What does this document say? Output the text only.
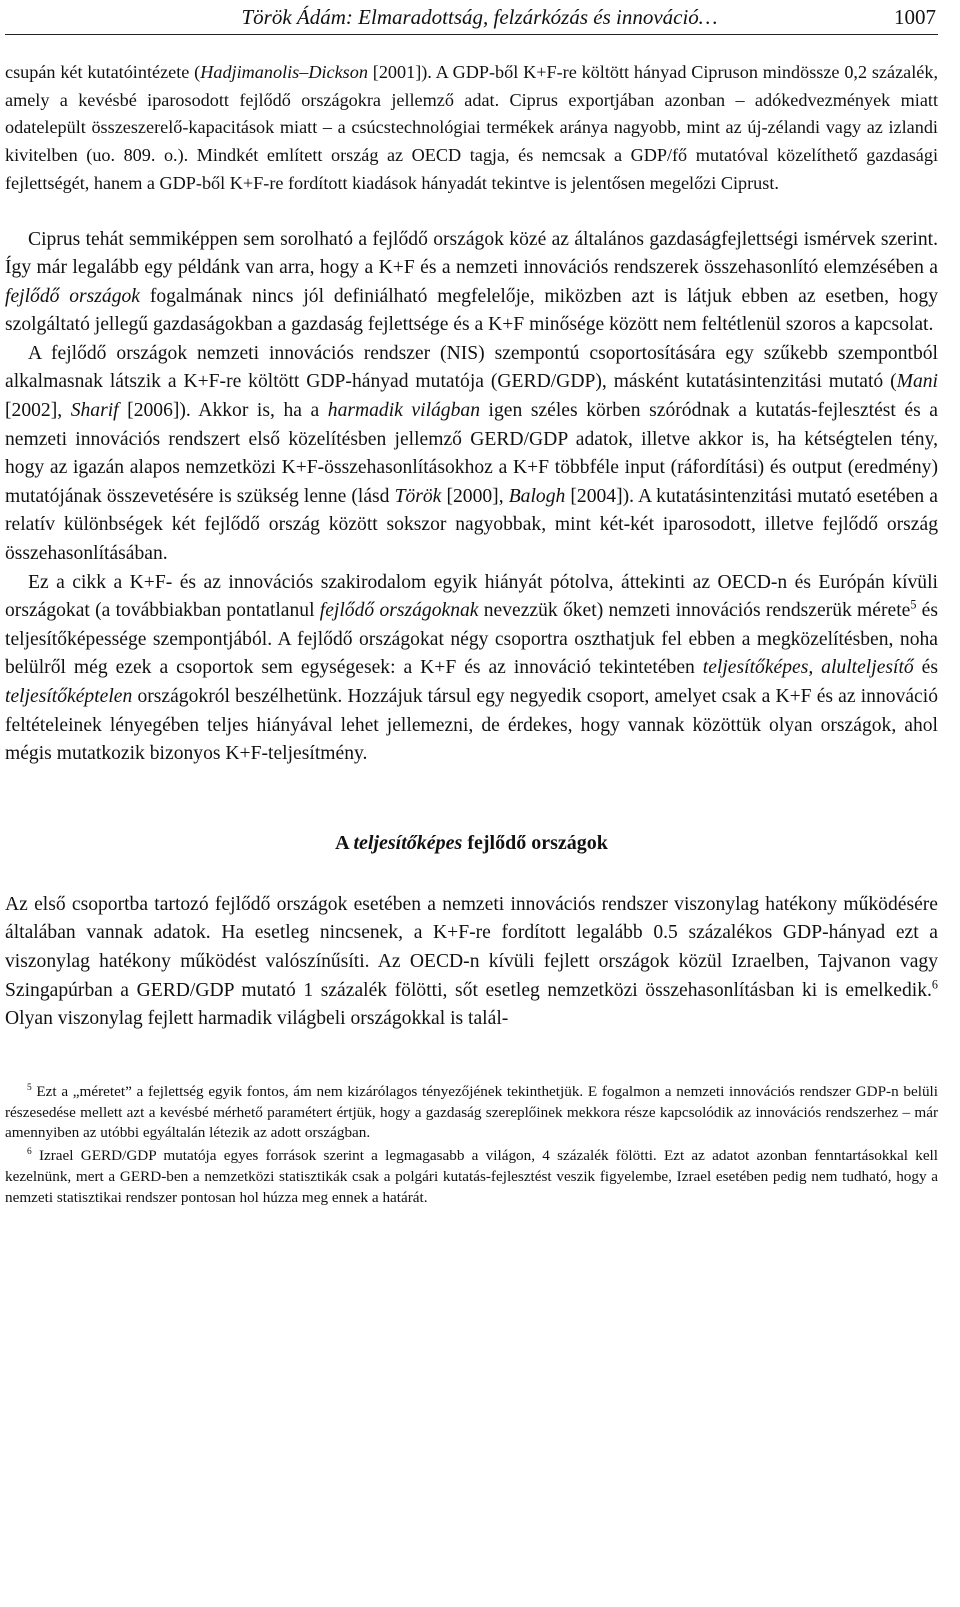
Török Ádám: Elmaradottság, felzárkózás és innováció…	1007

csupán két kutatóintézete (Hadjimanolis–Dickson [2001]). A GDP-ből K+F-re költött hányad Cipruson mindössze 0,2 százalék, amely a kevésbé iparosodott fejlődő országokra jellemző adat. Ciprus exportjában azonban – adókedvezmények miatt odatelepült összeszerelő-kapacitások miatt – a csúcstechnológiai termékek aránya nagyobb, mint az új-zélandi vagy az izlandi kivitelben (uo. 809. o.). Mindkét említett ország az OECD tagja, és nemcsak a GDP/fő mutatóval közelíthető gazdasági fejlettségét, hanem a GDP-ből K+F-re fordított kiadások hányadát tekintve is jelentősen megelőzi Ciprust.

Ciprus tehát semmiképpen sem sorolható a fejlődő országok közé az általános gazdaságfejlettségi ismérvek szerint. Így már legalább egy példánk van arra, hogy a K+F és a nemzeti innovációs rendszerek összehasonlító elemzésében a fejlődő országok fogalmának nincs jól definiálható megfelelője, miközben azt is látjuk ebben az esetben, hogy szolgáltató jellegű gazdaságokban a gazdaság fejlettsége és a K+F minősége között nem feltétlenül szoros a kapcsolat.

A fejlődő országok nemzeti innovációs rendszer (NIS) szempontú csoportosítására egy szűkebb szempontból alkalmasnak látszik a K+F-re költött GDP-hányad mutatója (GERD/GDP), másként kutatásintenzitási mutató (Mani [2002], Sharif [2006]). Akkor is, ha a harmadik világban igen széles körben szóródnak a kutatás-fejlesztést és a nemzeti innovációs rendszert első közelítésben jellemző GERD/GDP adatok, illetve akkor is, ha kétségtelen tény, hogy az igazán alapos nemzetközi K+F-összehasonlításokhoz a K+F többféle input (ráfordítási) és output (eredmény) mutatójának összevetésére is szükség lenne (lásd Török [2000], Balogh [2004]). A kutatásintenzitási mutató esetében a relatív különbségek két fejlődő ország között sokszor nagyobbak, mint két-két iparosodott, illetve fejlődő ország összehasonlításában.

Ez a cikk a K+F- és az innovációs szakirodalom egyik hiányát pótolva, áttekinti az OECD-n és Európán kívüli országokat (a továbbiakban pontatlanul fejlődő országoknak nevezzük őket) nemzeti innovációs rendszerük mérete$^5$ és teljesítőképessége szempontjából. A fejlődő országokat négy csoportra oszthatjuk fel ebben a megközelítésben, noha belülről még ezek a csoportok sem egységesek: a K+F és az innováció tekintetében teljesítőképes, alulteljesítő és teljesítőképtelen országokról beszélhetünk. Hozzájuk társul egy negyedik csoport, amelyet csak a K+F és az innováció feltételeinek lényegében teljes hiányával lehet jellemezni, de érdekes, hogy vannak közöttük olyan országok, ahol mégis mutatkozik bizonyos K+F-teljesítmény.

A teljesítőképes fejlődő országok

Az első csoportba tartozó fejlődő országok esetében a nemzeti innovációs rendszer viszonylag hatékony működésére általában vannak adatok. Ha esetleg nincsenek, a K+F-re fordított legalább 0.5 százalékos GDP-hányad ezt a viszonylag hatékony működést valószínűsíti. Az OECD-n kívüli fejlett országok közül Izraelben, Tajvanon vagy Szingapúrban a GERD/GDP mutató 1 százalék fölötti, sőt esetleg nemzetközi összehasonlításban ki is emelkedik.$^6$ Olyan viszonylag fejlett harmadik világbeli országokkal is talál-

$^5$ Ezt a „méretet” a fejlettség egyik fontos, ám nem kizárólagos tényezőjének tekinthetjük. E fogalmon a nemzeti innovációs rendszer GDP-n belüli részesedése mellett azt a kevésbé mérhető paramétert értjük, hogy a gazdaság szereplőinek mekkora része kapcsolódik az innovációs rendszerhez – már amennyiben az utóbbi egyáltalán létezik az adott országban.

$^6$ Izrael GERD/GDP mutatója egyes források szerint a legmagasabb a világon, 4 százalék fölötti. Ezt az adatot azonban fenntartásokkal kell kezelnünk, mert a GERD-ben a nemzetközi statisztikák csak a polgári kutatás-fejlesztést veszik figyelembe, Izrael esetében pedig nem tudható, hogy a nemzeti statisztikai rendszer pontosan hol húzza meg ennek a határát.
